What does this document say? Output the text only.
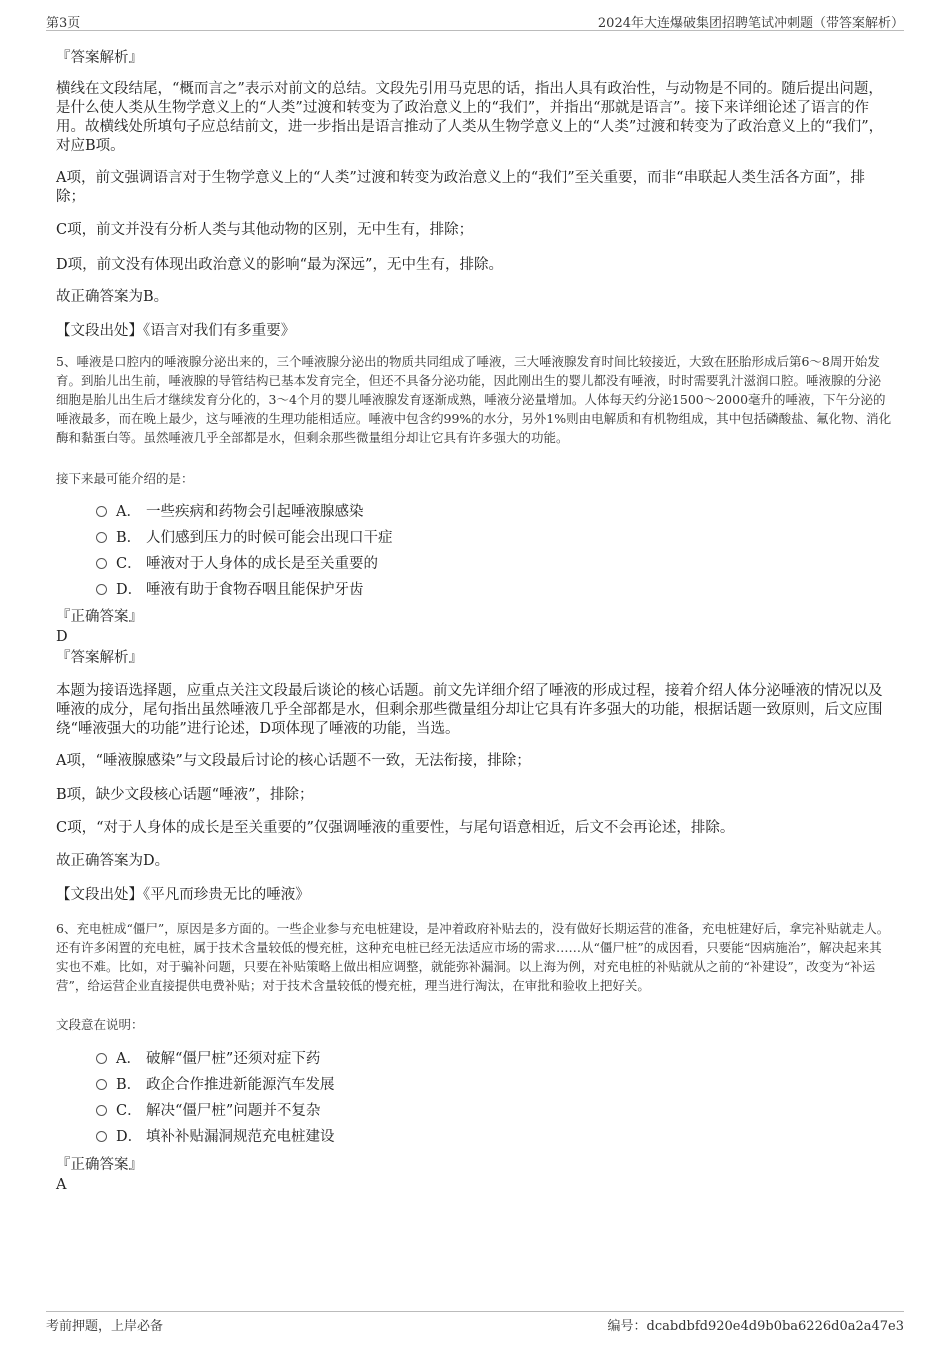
第3页	2024年大连爆破集团招聘笔试冲刺题（带答案解析）
『答案解析』

横线在文段结尾，“概而言之”表示对前文的总结。文段先引用马克思的话，指出人具有政治性，与动物是不同的。随后提出问题，是什么使人类从生物学意义上的“人类”过渡和转变为了政治意义上的“我们”，并指出“那就是语言”。接下来详细论述了语言的作用。故横线处所填句子应总结前文，进一步指出是语言推动了人类从生物学意义上的“人类”过渡和转变为了政治意义上的“我们”，对应B项。

A项，前文强调语言对于生物学意义上的“人类”过渡和转变为政治意义上的“我们”至关重要，而非“串联起人类生活各方面”，排除；

C项，前文并没有分析人类与其他动物的区别，无中生有，排除；

D项，前文没有体现出政治意义的影响“最为深远”，无中生有，排除。

故正确答案为B。

【文段出处】《语言对我们有多重要》

5、唾液是口腔内的唾液腺分泌出来的，三个唾液腺分泌出的物质共同组成了唾液，三大唾液腺发育时间比较接近，大致在胚胎形成后第6～8周开始发育。到胎儿出生前，唾液腺的导管结构已基本发育完全，但还不具备分泌功能，因此刚出生的婴儿都没有唾液，时时需要乳汁滋润口腔。唾液腺的分泌细胞是胎儿出生后才继续发育分化的，3～4个月的婴儿唾液腺发育逐渐成熟，唾液分泌量增加。人体每天约分泌1500～2000毫升的唾液，下午分泌的唾液最多，而在晚上最少，这与唾液的生理功能相适应。唾液中包含约99%的水分，另外1%则由电解质和有机物组成，其中包括磷酸盐、氟化物、消化酶和黏蛋白等。虽然唾液几乎全部都是水，但剩余那些微量组分却让它具有许多强大的功能。

接下来最可能介绍的是：

A． 一些疾病和药物会引起唾液腺感染
B． 人们感到压力的时候可能会出现口干症
C． 唾液对于人身体的成长是至关重要的
D． 唾液有助于食物吞咽且能保护牙齿
『正确答案』
D
『答案解析』

本题为接语选择题，应重点关注文段最后谈论的核心话题。前文先详细介绍了唾液的形成过程，接着介绍人体分泌唾液的情况以及唾液的成分，尾句指出虽然唾液几乎全部都是水，但剩余那些微量组分却让它具有许多强大的功能，根据话题一致原则，后文应围绕“唾液强大的功能”进行论述，D项体现了唾液的功能，当选。

A项，“唾液腺感染”与文段最后讨论的核心话题不一致，无法衔接，排除；

B项，缺少文段核心话题“唾液”，排除；

C项，“对于人身体的成长是至关重要的”仅强调唾液的重要性，与尾句语意相近，后文不会再论述，排除。

故正确答案为D。

【文段出处】《平凡而珍贵无比的唾液》

6、充电桩成“僵尸”，原因是多方面的。一些企业参与充电桩建设，是冲着政府补贴去的，没有做好长期运营的准备，充电桩建好后，拿完补贴就走人。还有许多闲置的充电桩，属于技术含量较低的慢充桩，这种充电桩已经无法适应市场的需求……从“僵尸桩”的成因看，只要能“因病施治”，解决起来其实也不难。比如，对于骗补问题，只要在补贴策略上做出相应调整，就能弥补漏洞。以上海为例，对充电桩的补贴就从之前的“补建设”，改变为“补运营”，给运营企业直接提供电费补贴；对于技术含量较低的慢充桩，理当进行淘汰，在审批和验收上把好关。

文段意在说明：

A． 破解“僵尸桩”还须对症下药
B． 政企合作推进新能源汽车发展
C． 解决“僵尸桩”问题并不复杂
D． 填补补贴漏洞规范充电桩建设
『正确答案』
A
考前押题，上岸必备	编号：dcabdbfd920e4d9b0ba6226d0a2a47e3
